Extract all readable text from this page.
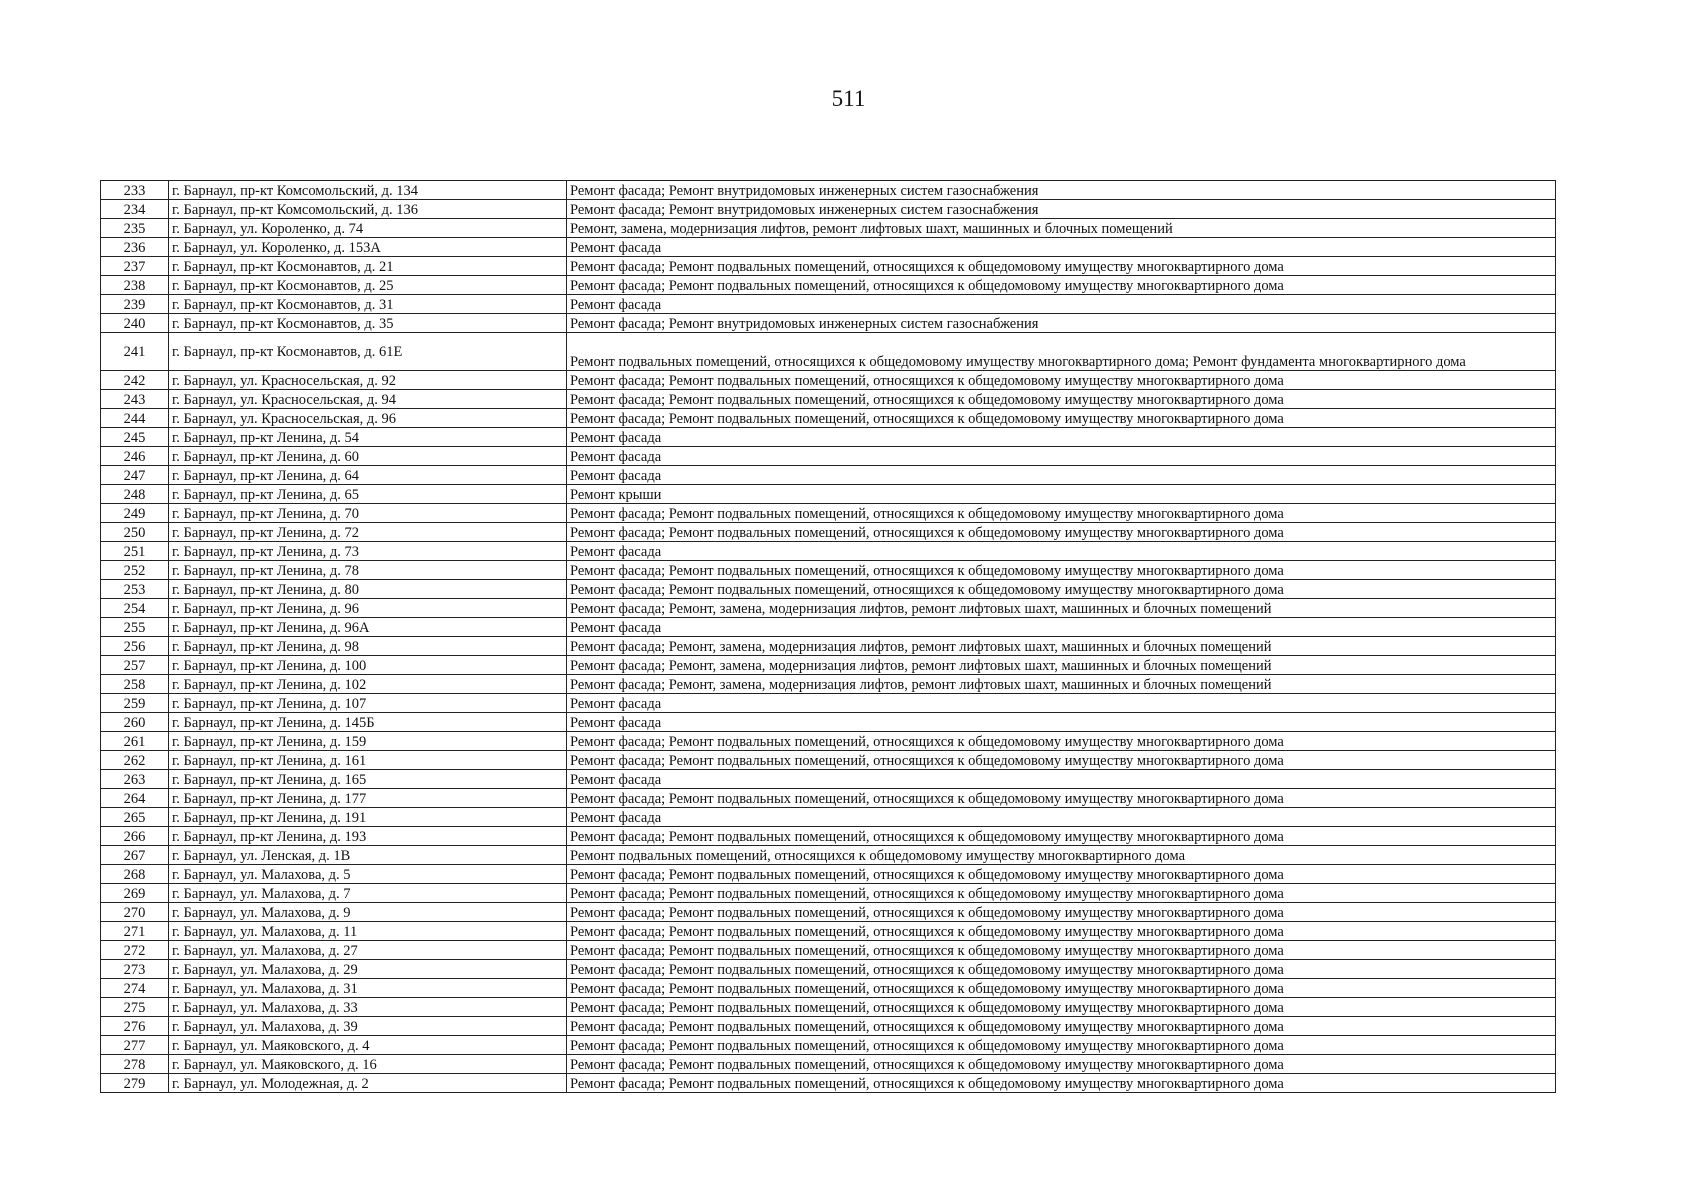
511
233	г. Барнаул, пр-кт Комсомольский, д. 134	Ремонт фасада; Ремонт внутридомовых инженерных систем газоснабжения
234	г. Барнаул, пр-кт Комсомольский, д. 136	Ремонт фасада; Ремонт внутридомовых инженерных систем газоснабжения
235	г. Барнаул, ул. Короленко, д. 74	Ремонт, замена, модернизация лифтов, ремонт лифтовых шахт, машинных и блочных помещений
236	г. Барнаул, ул. Короленко, д. 153А	Ремонт фасада
237	г. Барнаул, пр-кт Космонавтов, д. 21	Ремонт фасада; Ремонт подвальных помещений, относящихся к общедомовому имуществу многоквартирного дома
238	г. Барнаул, пр-кт Космонавтов, д. 25	Ремонт фасада; Ремонт подвальных помещений, относящихся к общедомовому имуществу многоквартирного дома
239	г. Барнаул, пр-кт Космонавтов, д. 31	Ремонт фасада
240	г. Барнаул, пр-кт Космонавтов, д. 35	Ремонт фасада; Ремонт внутридомовых инженерных систем газоснабжения
241	г. Барнаул, пр-кт Космонавтов, д. 61Е	Ремонт подвальных помещений, относящихся к общедомовому имуществу многоквартирного дома; Ремонт фундамента многоквартирного дома
242	г. Барнаул, ул. Красносельская, д. 92	Ремонт фасада; Ремонт подвальных помещений, относящихся к общедомовому имуществу многоквартирного дома
243	г. Барнаул, ул. Красносельская, д. 94	Ремонт фасада; Ремонт подвальных помещений, относящихся к общедомовому имуществу многоквартирного дома
244	г. Барнаул, ул. Красносельская, д. 96	Ремонт фасада; Ремонт подвальных помещений, относящихся к общедомовому имуществу многоквартирного дома
245	г. Барнаул, пр-кт Ленина, д. 54	Ремонт фасада
246	г. Барнаул, пр-кт Ленина, д. 60	Ремонт фасада
247	г. Барнаул, пр-кт Ленина, д. 64	Ремонт фасада
248	г. Барнаул, пр-кт Ленина, д. 65	Ремонт крыши
249	г. Барнаул, пр-кт Ленина, д. 70	Ремонт фасада; Ремонт подвальных помещений, относящихся к общедомовому имуществу многоквартирного дома
250	г. Барнаул, пр-кт Ленина, д. 72	Ремонт фасада; Ремонт подвальных помещений, относящихся к общедомовому имуществу многоквартирного дома
251	г. Барнаул, пр-кт Ленина, д. 73	Ремонт фасада
252	г. Барнаул, пр-кт Ленина, д. 78	Ремонт фасада; Ремонт подвальных помещений, относящихся к общедомовому имуществу многоквартирного дома
253	г. Барнаул, пр-кт Ленина, д. 80	Ремонт фасада; Ремонт подвальных помещений, относящихся к общедомовому имуществу многоквартирного дома
254	г. Барнаул, пр-кт Ленина, д. 96	Ремонт фасада; Ремонт, замена, модернизация лифтов, ремонт лифтовых шахт, машинных и блочных помещений
255	г. Барнаул, пр-кт Ленина, д. 96А	Ремонт фасада
256	г. Барнаул, пр-кт Ленина, д. 98	Ремонт фасада; Ремонт, замена, модернизация лифтов, ремонт лифтовых шахт, машинных и блочных помещений
257	г. Барнаул, пр-кт Ленина, д. 100	Ремонт фасада; Ремонт, замена, модернизация лифтов, ремонт лифтовых шахт, машинных и блочных помещений
258	г. Барнаул, пр-кт Ленина, д. 102	Ремонт фасада; Ремонт, замена, модернизация лифтов, ремонт лифтовых шахт, машинных и блочных помещений
259	г. Барнаул, пр-кт Ленина, д. 107	Ремонт фасада
260	г. Барнаул, пр-кт Ленина, д. 145Б	Ремонт фасада
261	г. Барнаул, пр-кт Ленина, д. 159	Ремонт фасада; Ремонт подвальных помещений, относящихся к общедомовому имуществу многоквартирного дома
262	г. Барнаул, пр-кт Ленина, д. 161	Ремонт фасада; Ремонт подвальных помещений, относящихся к общедомовому имуществу многоквартирного дома
263	г. Барнаул, пр-кт Ленина, д. 165	Ремонт фасада
264	г. Барнаул, пр-кт Ленина, д. 177	Ремонт фасада; Ремонт подвальных помещений, относящихся к общедомовому имуществу многоквартирного дома
265	г. Барнаул, пр-кт Ленина, д. 191	Ремонт фасада
266	г. Барнаул, пр-кт Ленина, д. 193	Ремонт фасада; Ремонт подвальных помещений, относящихся к общедомовому имуществу многоквартирного дома
267	г. Барнаул, ул. Ленская, д. 1В	Ремонт подвальных помещений, относящихся к общедомовому имуществу многоквартирного дома
268	г. Барнаул, ул. Малахова, д. 5	Ремонт фасада; Ремонт подвальных помещений, относящихся к общедомовому имуществу многоквартирного дома
269	г. Барнаул, ул. Малахова, д. 7	Ремонт фасада; Ремонт подвальных помещений, относящихся к общедомовому имуществу многоквартирного дома
270	г. Барнаул, ул. Малахова, д. 9	Ремонт фасада; Ремонт подвальных помещений, относящихся к общедомовому имуществу многоквартирного дома
271	г. Барнаул, ул. Малахова, д. 11	Ремонт фасада; Ремонт подвальных помещений, относящихся к общедомовому имуществу многоквартирного дома
272	г. Барнаул, ул. Малахова, д. 27	Ремонт фасада; Ремонт подвальных помещений, относящихся к общедомовому имуществу многоквартирного дома
273	г. Барнаул, ул. Малахова, д. 29	Ремонт фасада; Ремонт подвальных помещений, относящихся к общедомовому имуществу многоквартирного дома
274	г. Барнаул, ул. Малахова, д. 31	Ремонт фасада; Ремонт подвальных помещений, относящихся к общедомовому имуществу многоквартирного дома
275	г. Барнаул, ул. Малахова, д. 33	Ремонт фасада; Ремонт подвальных помещений, относящихся к общедомовому имуществу многоквартирного дома
276	г. Барнаул, ул. Малахова, д. 39	Ремонт фасада; Ремонт подвальных помещений, относящихся к общедомовому имуществу многоквартирного дома
277	г. Барнаул, ул. Маяковского, д. 4	Ремонт фасада; Ремонт подвальных помещений, относящихся к общедомовому имуществу многоквартирного дома
278	г. Барнаул, ул. Маяковского, д. 16	Ремонт фасада; Ремонт подвальных помещений, относящихся к общедомовому имуществу многоквартирного дома
279	г. Барнаул, ул. Молодежная, д. 2	Ремонт фасада; Ремонт подвальных помещений, относящихся к общедомовому имуществу многоквартирного дома
